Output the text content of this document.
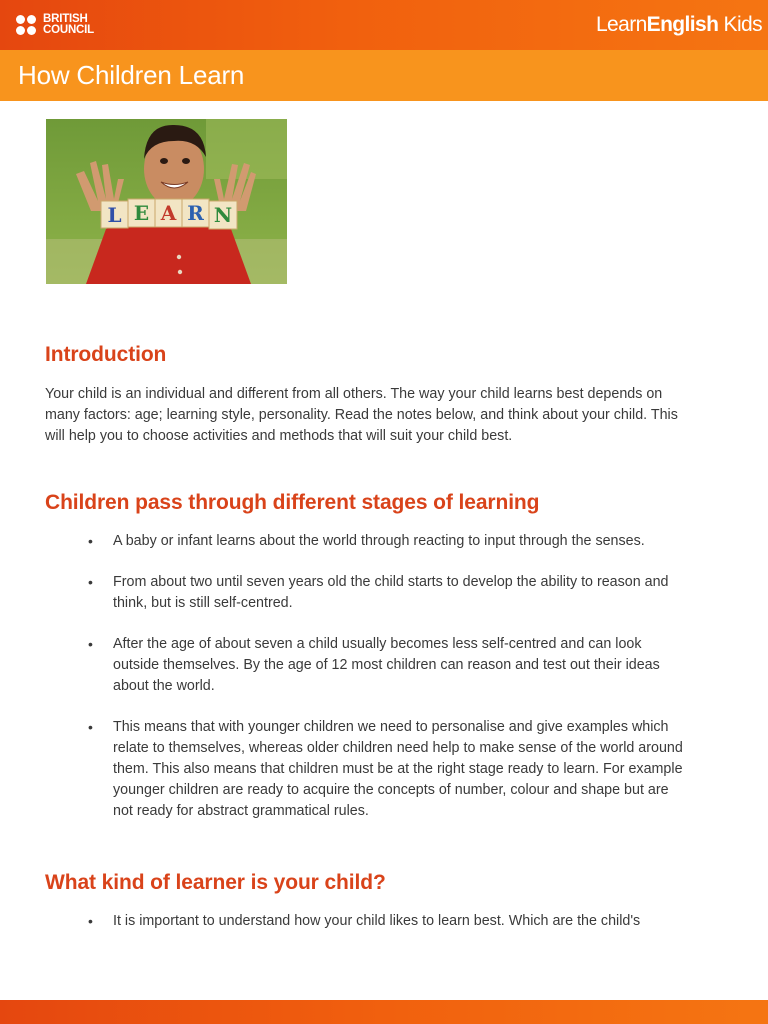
BRITISH
COUNCIL	LearnEnglish Kids
How Children Learn
L E A R N
Introduction

Your child is an individual and different from all others. The way your child learns best depends on many factors: age; learning style, personality. Read the notes below, and think about your child. This will help you to choose activities and methods that will suit your child best.

Children pass through different stages of learning
• A baby or infant learns about the world through reacting to input through the senses.
• From about two until seven years old the child starts to develop the ability to reason and think, but is still self-centred.
• After the age of about seven a child usually becomes less self-centred and can look outside themselves. By the age of 12 most children can reason and test out their ideas about the world.
• This means that with younger children we need to personalise and give examples which relate to themselves, whereas older children need help to make sense of the world around them. This also means that children must be at the right stage ready to learn. For example younger children are ready to acquire the concepts of number, colour and shape but are not ready for abstract grammatical rules.
What kind of learner is your child?
• It is important to understand how your child likes to learn best. Which are the child's
